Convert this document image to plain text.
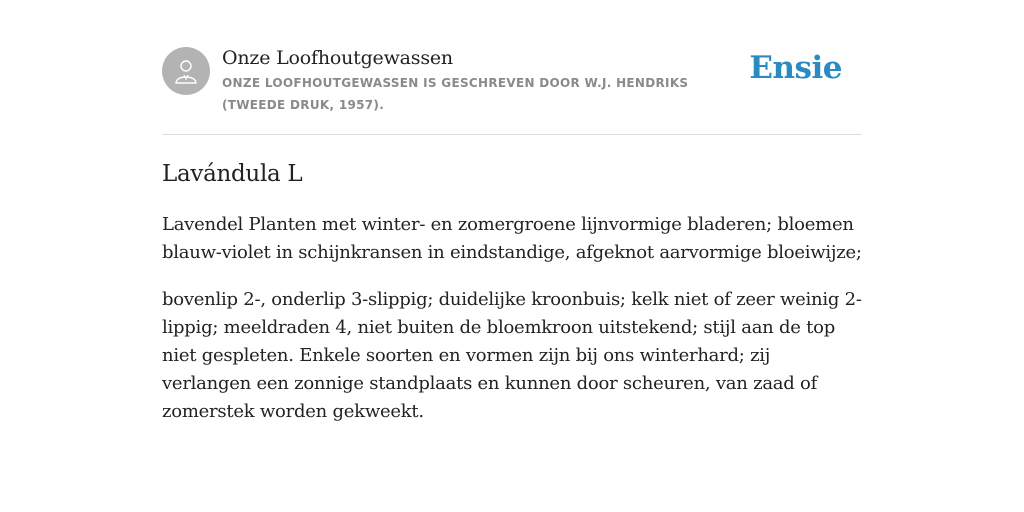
Onze Loofhoutgewassen
ONZE LOOFHOUTGEWASSEN IS GESCHREVEN DOOR W.J. HENDRIKS (TWEEDE DRUK, 1957).
Ensie
Lavándula L

Lavendel Planten met winter- en zomergroene lijnvormige bladeren; bloemen blauw-violet in schijnkransen in eindstandige, afgeknot aarvormige bloeiwijze;

bovenlip 2-, onderlip 3-slippig; duidelijke kroonbuis; kelk niet of zeer weinig 2-lippig; meeldraden 4, niet buiten de bloemkroon uitstekend; stijl aan de top niet gespleten. Enkele soorten en vormen zijn bij ons winterhard; zij verlangen een zonnige standplaats en kunnen door scheuren, van zaad of zomerstek worden gekweekt.
